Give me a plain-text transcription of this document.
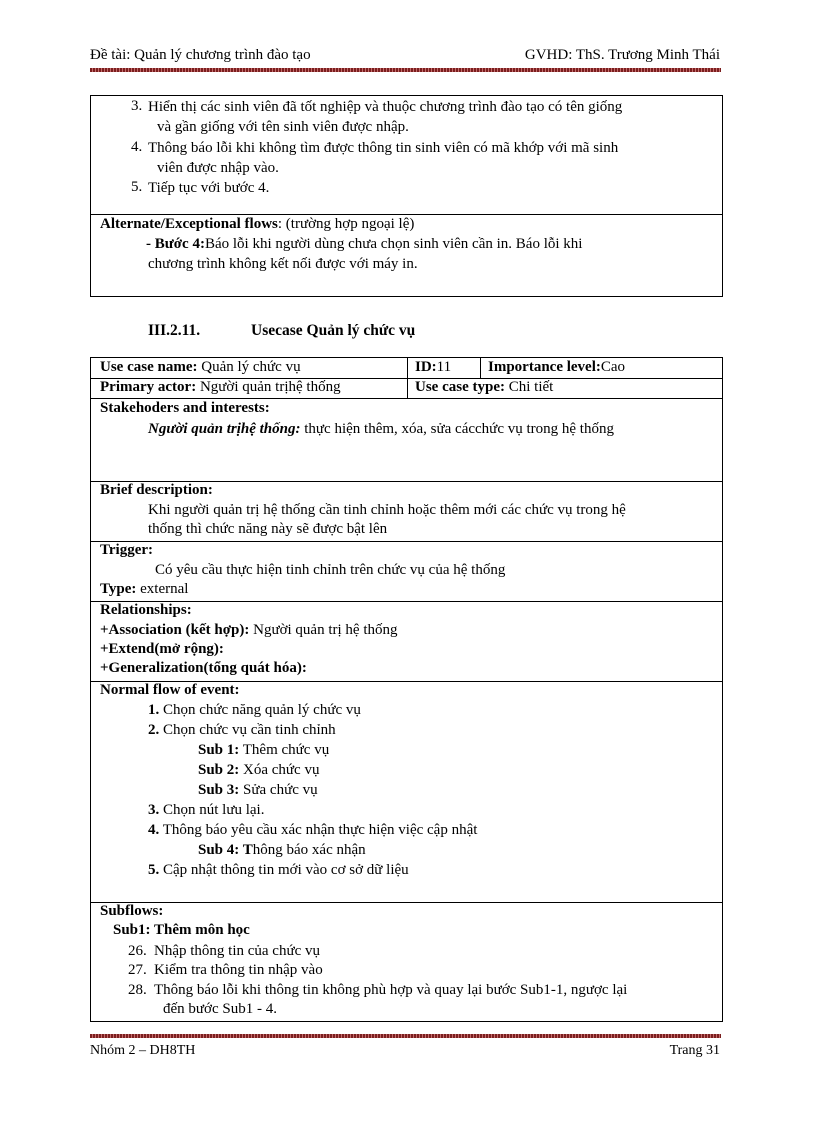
Đề tài: Quản lý chương trình đào tạo	GVHD: ThS. Trương Minh Thái
3. Hiển thị các sinh viên đã tốt nghiệp và thuộc chương trình đào tạo có tên giống
và gần giống với tên sinh viên được nhập.
4. Thông báo lỗi khi không tìm được thông tin sinh viên có mã khớp với mã sinh
viên được nhập vào.
5. Tiếp tục với bước 4.
Alternate/Exceptional flows: (trường hợp ngoại lệ)
- Bước 4:Báo lỗi khi người dùng chưa chọn sinh viên cần in. Báo lỗi khi
chương trình không kết nối được với máy in.
III.2.11.	Usecase Quản lý chức vụ
Use case name: Quản lý chức vụ	ID:11 Importance level:Cao
Primary actor: Người quản trịhệ thống	Use case type: Chi tiết
Stakehoders and interests:
Người quản trịhệ thống: thực hiện thêm, xóa, sửa cácchức vụ trong hệ thống
Brief description:
Khi người quản trị hệ thống cần tinh chỉnh hoặc thêm mới các chức vụ trong hệ
thống thì chức năng này sẽ được bật lên
Trigger:
Có yêu cầu thực hiện tinh chỉnh trên chức vụ của hệ thống
Type: external
Relationships:
+Association (kết hợp): Người quản trị hệ thống
+Extend(mở rộng):
+Generalization(tổng quát hóa):
Normal flow of event:
1. Chọn chức năng quản lý chức vụ
2. Chọn chức vụ cần tinh chỉnh
Sub 1: Thêm chức vụ
Sub 2: Xóa chức vụ
Sub 3: Sửa chức vụ
3. Chọn nút lưu lại.
4. Thông báo yêu cầu xác nhận thực hiện việc cập nhật
Sub 4: Thông báo xác nhận
5. Cập nhật thông tin mới vào cơ sở dữ liệu
Subflows:
Sub1: Thêm môn học
26. Nhập thông tin của chức vụ
27. Kiểm tra thông tin nhập vào
28. Thông báo lỗi khi thông tin không phù hợp và quay lại bước Sub1-1, ngược lại
đến bước Sub1 - 4.
Nhóm 2 – DH8TH	Trang 31
